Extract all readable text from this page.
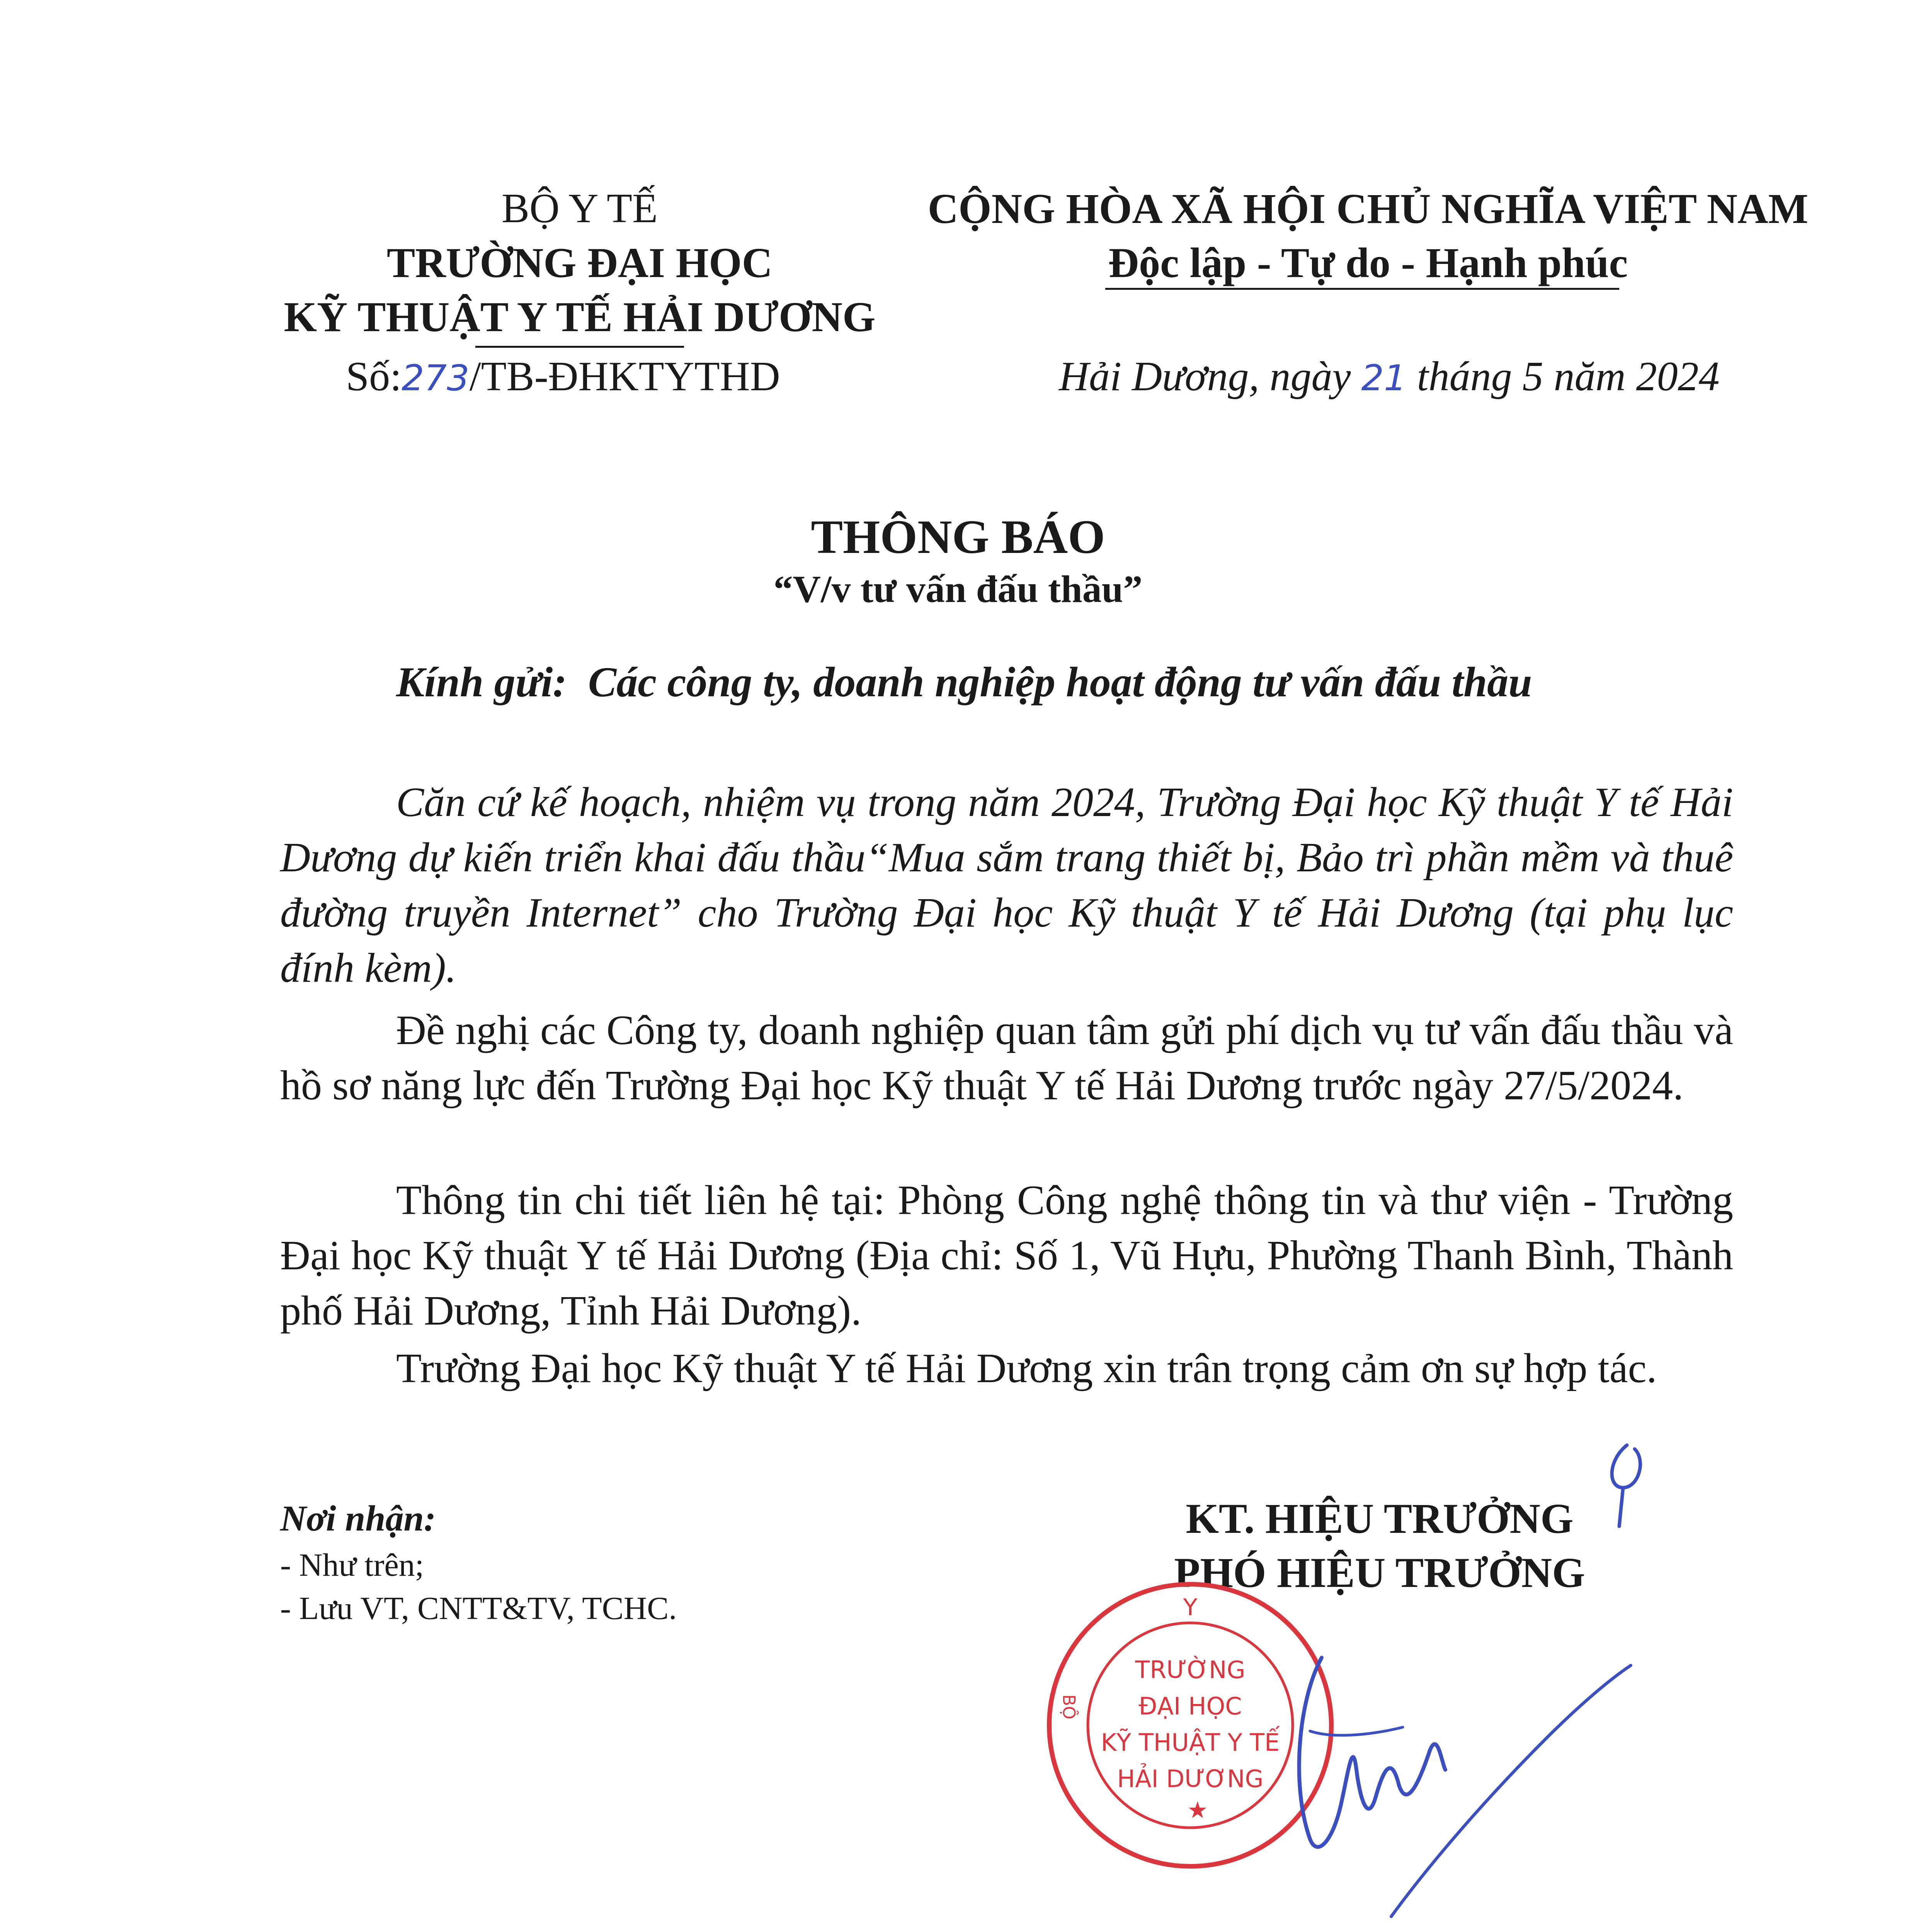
BỘ Y TẾ
TRƯỜNG ĐẠI HỌC
KỸ THUẬT Y TẾ HẢI DƯƠNG
Số:273/TB-ĐHKTYTHD
CỘNG HÒA XÃ HỘI CHỦ NGHĨA VIỆT NAM
Độc lập - Tự do - Hạnh phúc
Hải Dương, ngày 21 tháng 5 năm 2024
THÔNG BÁO
“V/v tư vấn đấu thầu”
Kính gửi: Các công ty, doanh nghiệp hoạt động tư vấn đấu thầu
Căn cứ kế hoạch, nhiệm vụ trong năm 2024, Trường Đại học Kỹ thuật Y tế Hải Dương dự kiến triển khai đấu thầu“Mua sắm trang thiết bị, Bảo trì phần mềm và thuê đường truyền Internet” cho Trường Đại học Kỹ thuật Y tế Hải Dương (tại phụ lục đính kèm).
Đề nghị các Công ty, doanh nghiệp quan tâm gửi phí dịch vụ tư vấn đấu thầu và hồ sơ năng lực đến Trường Đại học Kỹ thuật Y tế Hải Dương trước ngày 27/5/2024.
Thông tin chi tiết liên hệ tại: Phòng Công nghệ thông tin và thư viện - Trường Đại học Kỹ thuật Y tế Hải Dương (Địa chỉ: Số 1, Vũ Hựu, Phường Thanh Bình, Thành phố Hải Dương, Tỉnh Hải Dương).
Trường Đại học Kỹ thuật Y tế Hải Dương xin trân trọng cảm ơn sự hợp tác.
Nơi nhận:
- Như trên;
- Lưu VT, CNTT&TV, TCHC.
KT. HIỆU TRƯỞNG
PHÓ HIỆU TRƯỞNG
★
Y
BỘ
TRƯỜNG
ĐẠI HỌC
KỸ THUẬT Y TẾ
HẢI DƯƠNG
